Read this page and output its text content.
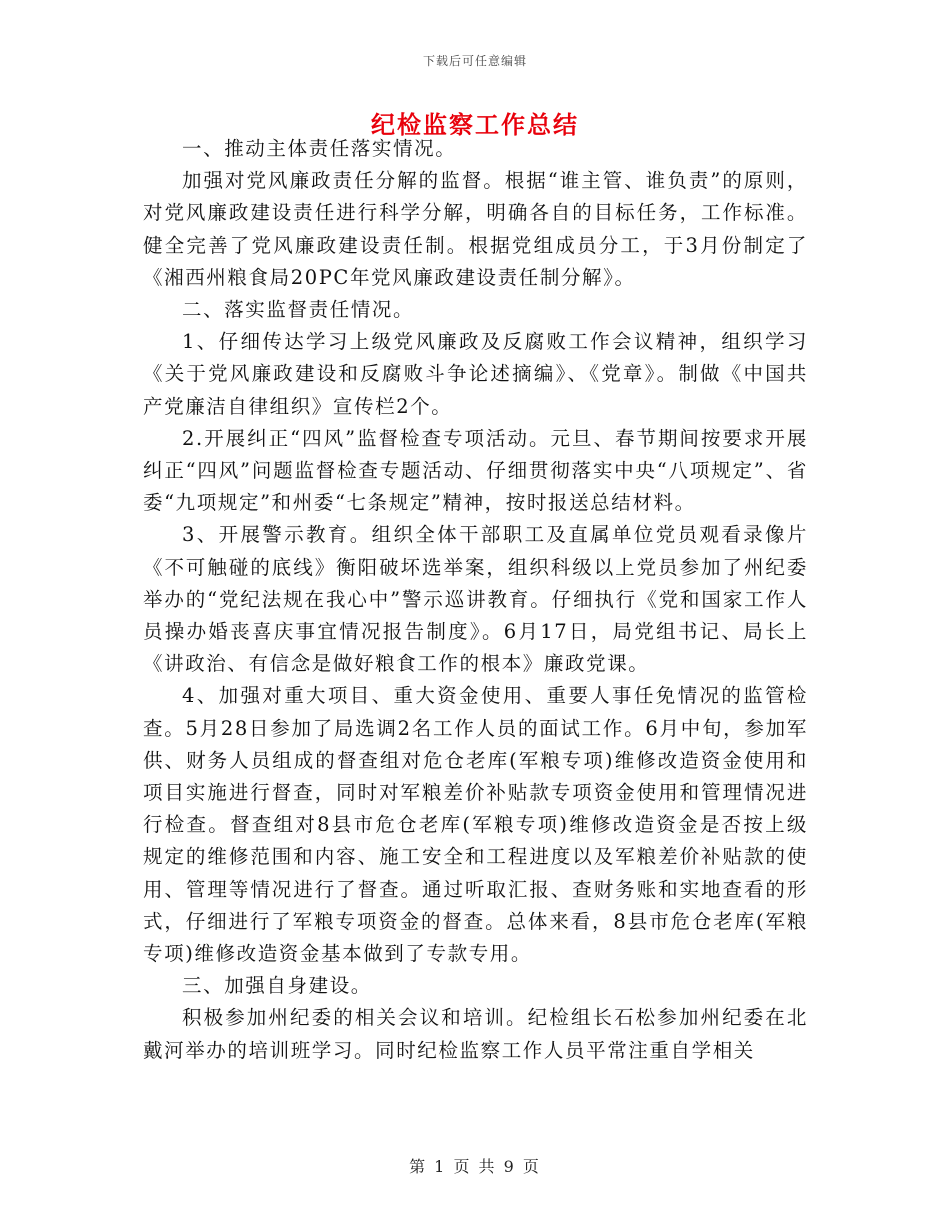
下载后可任意编辑
纪检监察工作总结

一、推动主体责任落实情况。

加强对党风廉政责任分解的监督。根据“谁主管、谁负责”的原则，对党风廉政建设责任进行科学分解，明确各自的目标任务，工作标准。健全完善了党风廉政建设责任制。根据党组成员分工，于3月份制定了《湘西州粮食局20PC年党风廉政建设责任制分解》。

二、落实监督责任情况。

1、仔细传达学习上级党风廉政及反腐败工作会议精神，组织学习《关于党风廉政建设和反腐败斗争论述摘编》、《党章》。制做《中国共产党廉洁自律组织》宣传栏2个。

2.开展纠正“四风”监督检查专项活动。元旦、春节期间按要求开展纠正“四风”问题监督检查专题活动、仔细贯彻落实中央“八项规定”、省委“九项规定”和州委“七条规定”精神，按时报送总结材料。

3、开展警示教育。组织全体干部职工及直属单位党员观看录像片《不可触碰的底线》衡阳破坏选举案，组织科级以上党员参加了州纪委举办的“党纪法规在我心中”警示巡讲教育。仔细执行《党和国家工作人员操办婚丧喜庆事宜情况报告制度》。6月17日，局党组书记、局长上《讲政治、有信念是做好粮食工作的根本》廉政党课。

4、加强对重大项目、重大资金使用、重要人事任免情况的监管检查。5月28日参加了局选调2名工作人员的面试工作。6月中旬，参加军供、财务人员组成的督查组对危仓老库(军粮专项)维修改造资金使用和项目实施进行督查，同时对军粮差价补贴款专项资金使用和管理情况进行检查。督查组对8县市危仓老库(军粮专项)维修改造资金是否按上级规定的维修范围和内容、施工安全和工程进度以及军粮差价补贴款的使用、管理等情况进行了督查。通过听取汇报、查财务账和实地查看的形式，仔细进行了军粮专项资金的督查。总体来看，8县市危仓老库(军粮专项)维修改造资金基本做到了专款专用。

三、加强自身建设。

积极参加州纪委的相关会议和培训。纪检组长石松参加州纪委在北戴河举办的培训班学习。同时纪检监察工作人员平常注重自学相关

第 1 页 共 9 页
